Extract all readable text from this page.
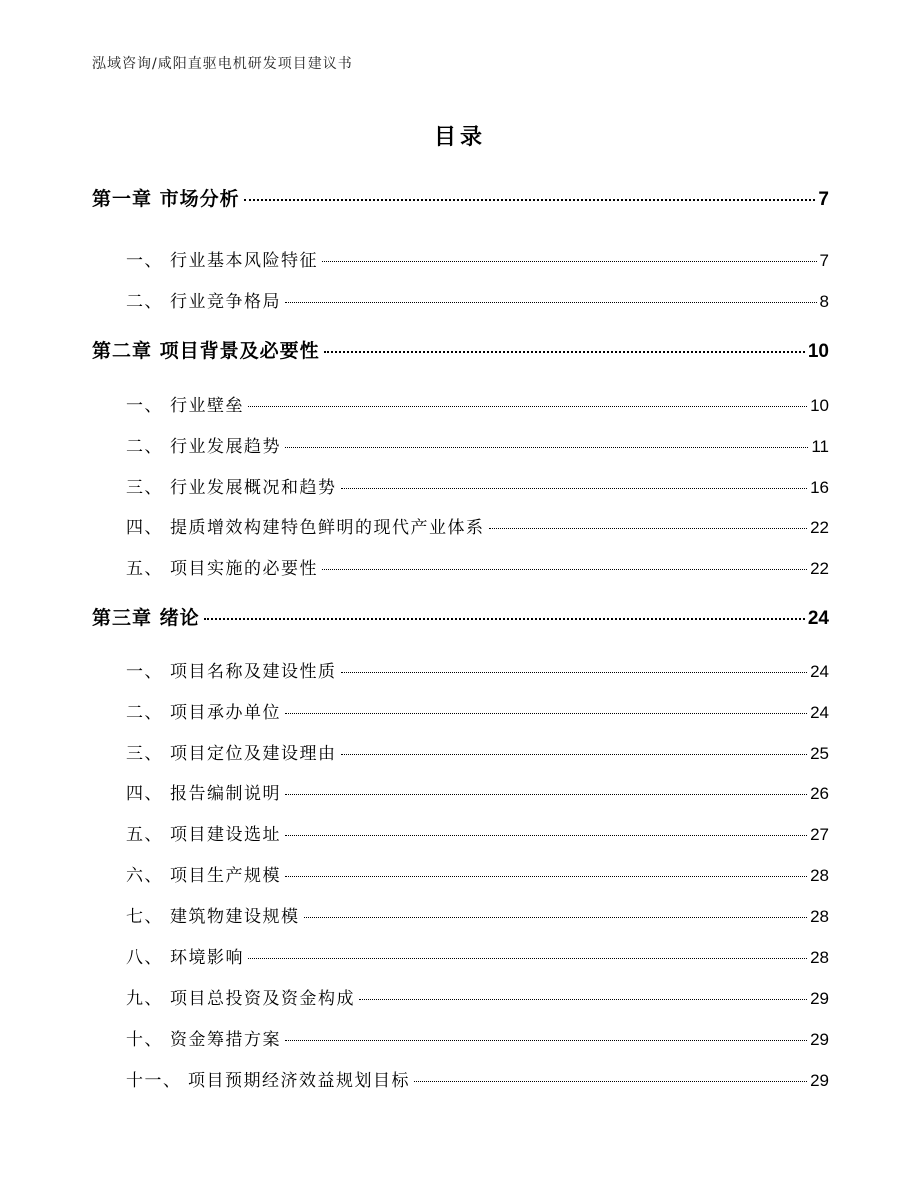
泓域咨询/咸阳直驱电机研发项目建议书
目录
第一章 市场分析	7
一、 行业基本风险特征	7
二、 行业竞争格局	8
第二章 项目背景及必要性	10
一、 行业壁垒	10
二、 行业发展趋势	11
三、 行业发展概况和趋势	16
四、 提质增效构建特色鲜明的现代产业体系	22
五、 项目实施的必要性	22
第三章 绪论	24
一、 项目名称及建设性质	24
二、 项目承办单位	24
三、 项目定位及建设理由	25
四、 报告编制说明	26
五、 项目建设选址	27
六、 项目生产规模	28
七、 建筑物建设规模	28
八、 环境影响	28
九、 项目总投资及资金构成	29
十、 资金筹措方案	29
十一、 项目预期经济效益规划目标	29
